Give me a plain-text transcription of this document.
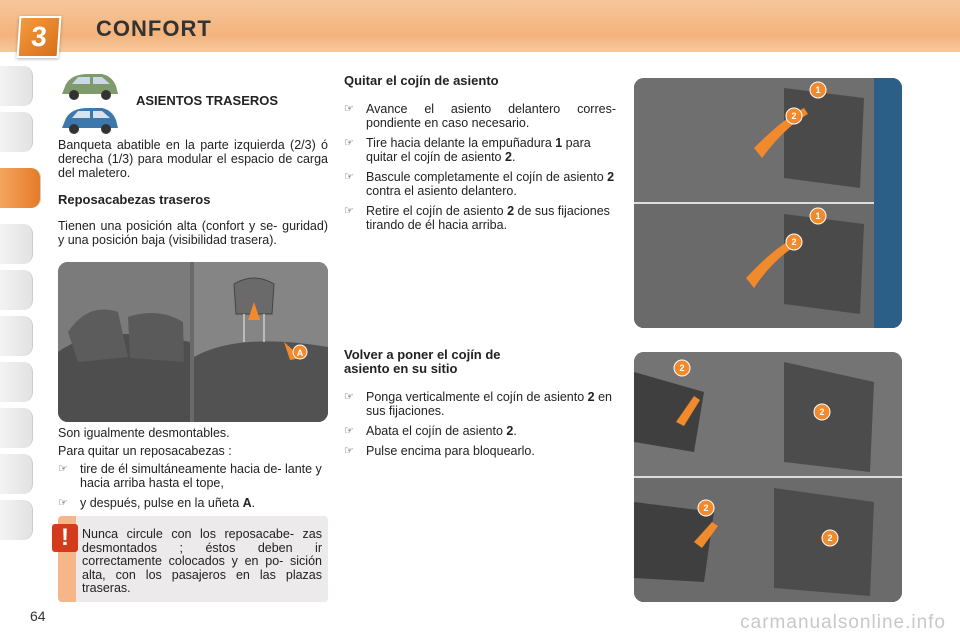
3	CONFORT
ASIENTOS TRASEROS

Banqueta abatible en la parte izquierda (2/3) ó derecha (1/3) para modular el espacio de carga del maletero.

Reposacabezas traseros

Tienen una posición alta (confort y se- guridad) y una posición baja (visibilidad trasera).

A

Son igualmente desmontables.

Para quitar un reposacabezas :

☞ tire de él simultáneamente hacia de- lante y hacia arriba hasta el tope,
☞ y después, pulse en la uñeta A.
!	Nunca circule con los reposacabe- zas desmontados ; éstos deben ir correctamente colocados y en po- sición alta, con los pasajeros en las plazas traseras.

Quitar el cojín de asiento

☞ Avance el asiento delantero corres- pondiente en caso necesario.
☞ Tire hacia delante la empuñadura 1 para quitar el cojín de asiento 2.
☞ Bascule completamente el cojín de asiento 2 contra el asiento delantero.
☞ Retire el cojín de asiento 2 de sus fijaciones tirando de él hacia arriba.

Volver a poner el cojín de

asiento en su sitio

☞ Ponga verticalmente el cojín de asiento 2 en sus fijaciones.
☞ Abata el cojín de asiento 2.
☞ Pulse encima para bloquearlo.
1
2
1
2
2
2
2
2
64	carmanualsonline.info
